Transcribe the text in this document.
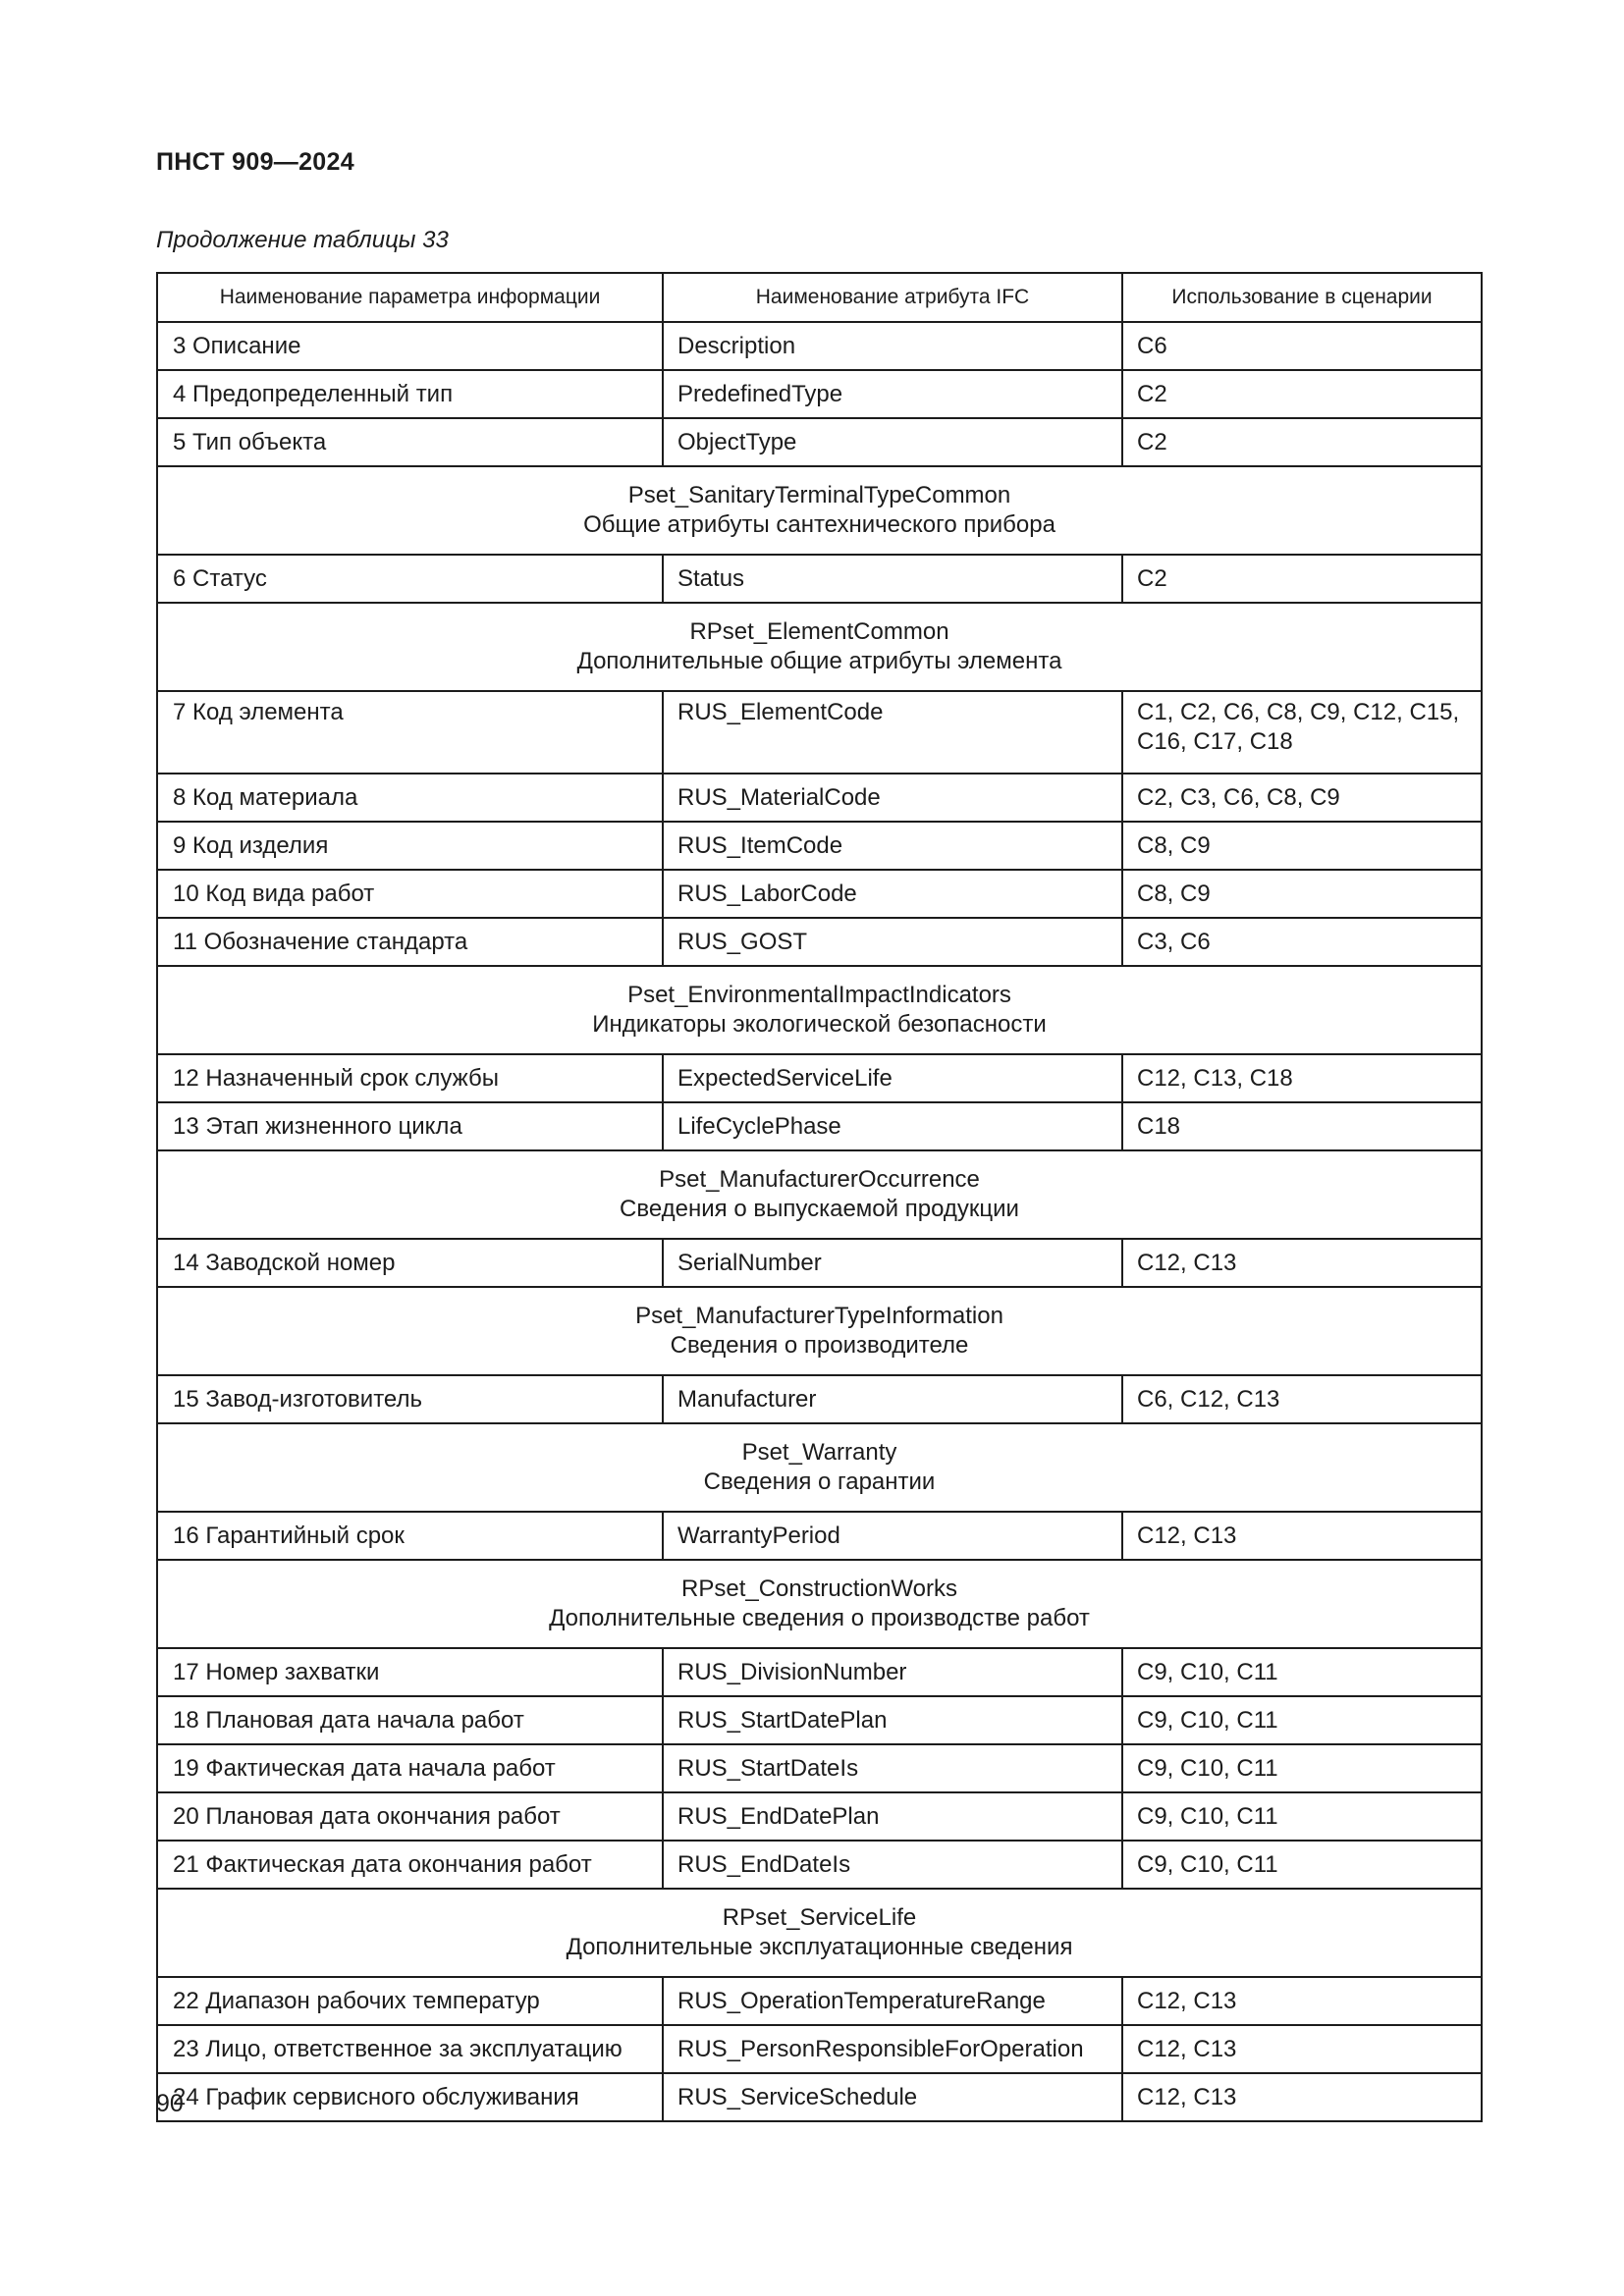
ПНСТ 909—2024
Продолжение таблицы 33
Наименование параметра информации	Наименование атрибута IFC	Использование в сценарии
3 Описание	Description	С6
4 Предопределенный тип	PredefinedType	С2
5 Тип объекта	ObjectType	С2

Pset_SanitaryTerminalTypeCommon
Общие атрибуты сантехнического прибора		

6 Статус	Status	С2

RPset_ElementCommon
Дополнительные общие атрибуты элемента		

7 Код элемента	RUS_ElementCode	С1, С2, С6, С8, С9, С12, С15, С16, С17, С18
8 Код материала	RUS_MaterialCode	С2, С3, С6, С8, С9
9 Код изделия	RUS_ItemCode	С8, С9
10 Код вида работ	RUS_LaborCode	С8, С9
11 Обозначение стандарта	RUS_GOST	С3, С6

Pset_EnvironmentalImpactIndicators
Индикаторы экологической безопасности		

12 Назначенный срок службы	ExpectedServiceLife	С12, С13, С18
13 Этап жизненного цикла	LifeCyclePhase	С18

Pset_ManufacturerOccurrence
Сведения о выпускаемой продукции		

14 Заводской номер	SerialNumber	С12, С13

Pset_ManufacturerTypeInformation
Сведения о производителе		

15 Завод-изготовитель	Manufacturer	С6, С12, С13

Pset_Warranty
Сведения о гарантии		

16 Гарантийный срок	WarrantyPeriod	С12, С13

RPset_ConstructionWorks
Дополнительные сведения о производстве работ		

17 Номер захватки	RUS_DivisionNumber	С9, С10, С11
18 Плановая дата начала работ	RUS_StartDatePlan	С9, С10, С11
19 Фактическая дата начала работ	RUS_StartDateIs	С9, С10, С11
20 Плановая дата окончания работ	RUS_EndDatePlan	С9, С10, С11
21 Фактическая дата окончания работ	RUS_EndDateIs	С9, С10, С11

RPset_ServiceLife
Дополнительные эксплуатационные сведения		

22 Диапазон рабочих температур	RUS_OperationTemperatureRange	С12, С13
23 Лицо, ответственное за эксплуатацию	RUS_PersonResponsibleForOperation	С12, С13
24 График сервисного обслуживания	RUS_ServiceSchedule	С12, С13
90
